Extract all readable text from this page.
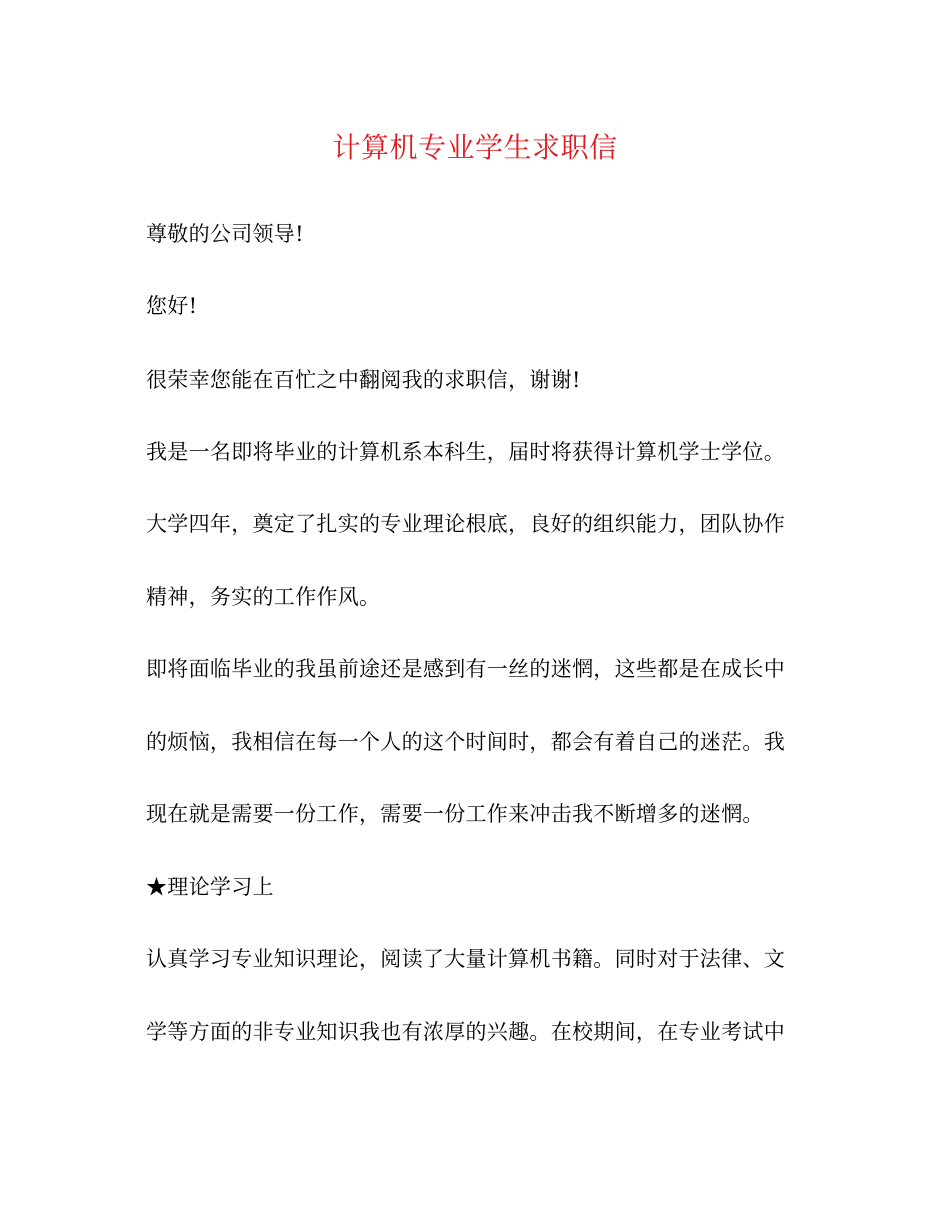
计算机专业学生求职信
尊敬的公司领导!
您好!
很荣幸您能在百忙之中翻阅我的求职信，谢谢!
我是一名即将毕业的计算机系本科生，届时将获得计算机学士学位。
大学四年，奠定了扎实的专业理论根底，良好的组织能力，团队协作
精神，务实的工作作风。
即将面临毕业的我虽前途还是感到有一丝的迷惘，这些都是在成长中
的烦恼，我相信在每一个人的这个时间时，都会有着自己的迷茫。我
现在就是需要一份工作，需要一份工作来冲击我不断增多的迷惘。
★理论学习上
认真学习专业知识理论，阅读了大量计算机书籍。同时对于法律、文
学等方面的非专业知识我也有浓厚的兴趣。在校期间，在专业考试中
